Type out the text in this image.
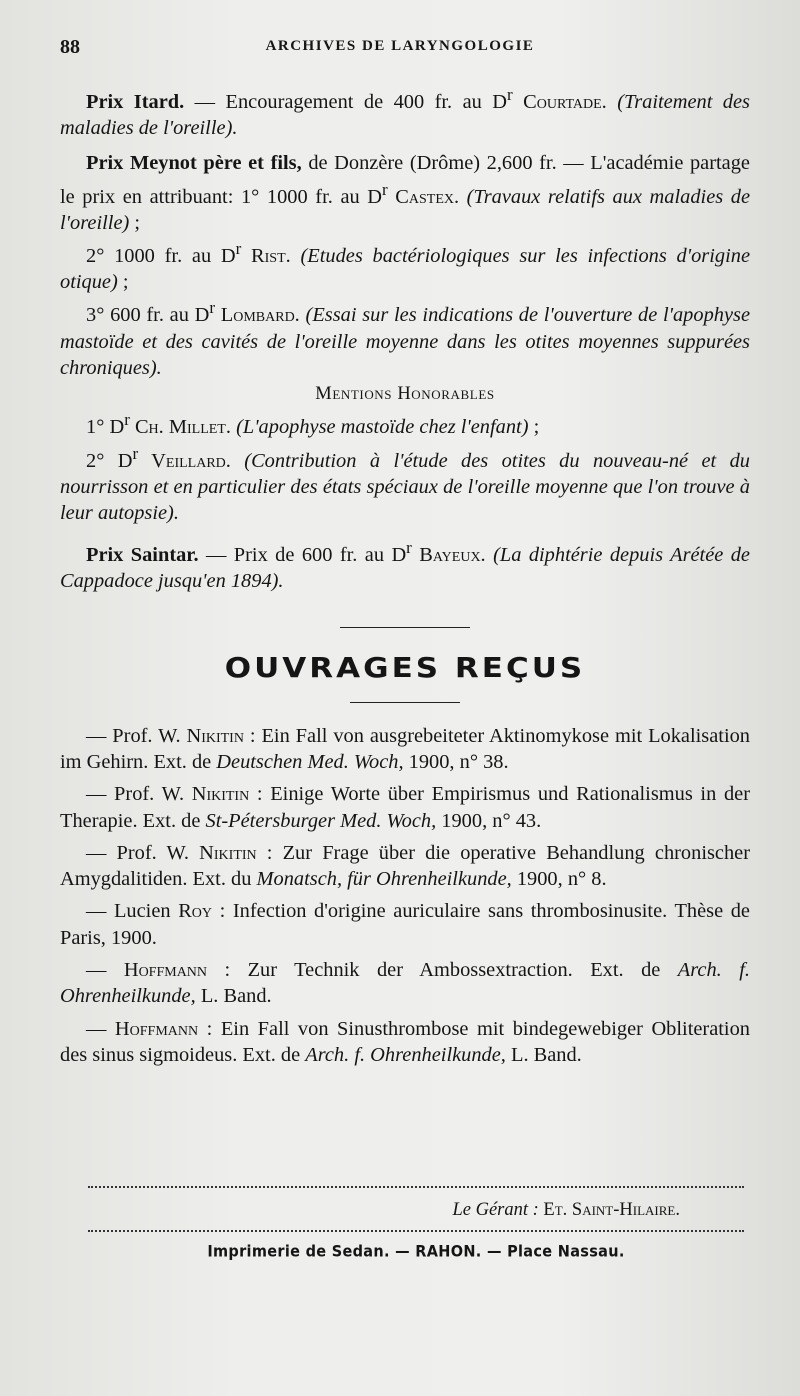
88	ARCHIVES DE LARYNGOLOGIE

Prix Itard. — Encouragement de 400 fr. au $D^r$ Courtade. (Traitement des maladies de l'oreille).

Prix Meynot père et fils, de Donzère (Drôme) 2,600 fr. — L'académie partage le prix en attribuant: 1° 1000 fr. au $D^r$ Castex. (Travaux relatifs aux maladies de l'oreille) ;

2° 1000 fr. au $D^r$ Rist. (Etudes bactériologiques sur les infections d'origine otique) ;

3° 600 fr. au $D^r$ Lombard. (Essai sur les indications de l'ouverture de l'apophyse mastoïde et des cavités de l'oreille moyenne dans les otites moyennes suppurées chroniques).

Mentions Honorables

1° $D^r$ Ch. Millet. (L'apophyse mastoïde chez l'enfant) ;

2° $D^r$ Veillard. (Contribution à l'étude des otites du nouveau-né et du nourrisson et en particulier des états spéciaux de l'oreille moyenne que l'on trouve à leur autopsie).

Prix Saintar. — Prix de 600 fr. au $D^r$ Bayeux. (La diphtérie depuis Arétée de Cappadoce jusqu'en 1894).

OUVRAGES REÇUS

— Prof. W. Nikitin : Ein Fall von ausgrebeiteter Aktinomykose mit Lokalisation im Gehirn. Ext. de Deutschen Med. Woch, 1900, n° 38.

— Prof. W. Nikitin : Einige Worte über Empirismus und Rationalismus in der Therapie. Ext. de St-Pétersburger Med. Woch, 1900, n° 43.

— Prof. W. Nikitin : Zur Frage über die operative Behandlung chronischer Amygdalitiden. Ext. du Monatsch, für Ohrenheilkunde, 1900, n° 8.

— Lucien Roy : Infection d'origine auriculaire sans thrombosinusite. Thèse de Paris, 1900.

— Hoffmann : Zur Technik der Ambossextraction. Ext. de Arch. f. Ohrenheilkunde, L. Band.

— Hoffmann : Ein Fall von Sinusthrombose mit bindegewebiger Obliteration des sinus sigmoideus. Ext. de Arch. f. Ohrenheilkunde, L. Band.

Le Gérant : Et. Saint-Hilaire.
Imprimerie de Sedan. — RAHON. — Place Nassau.
